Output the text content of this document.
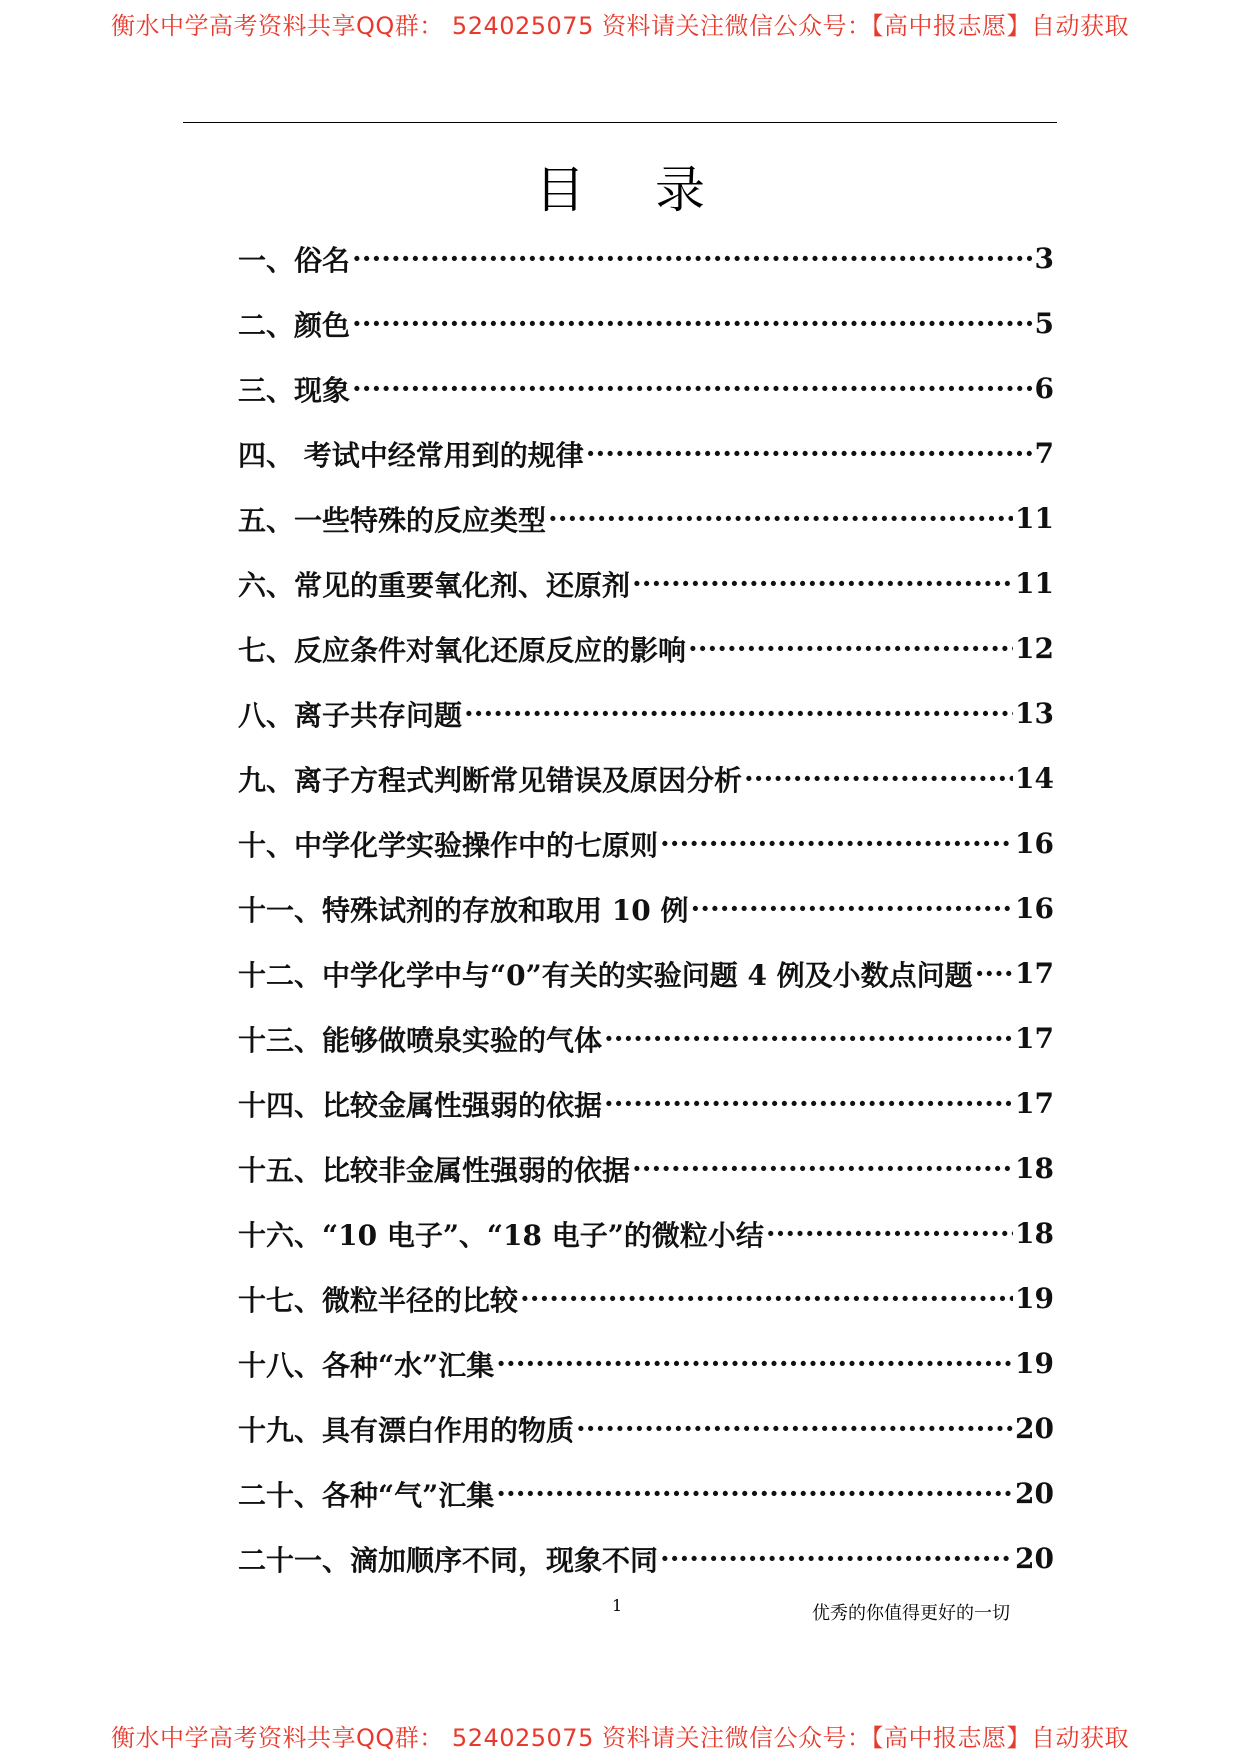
衡水中学高考资料共享QQ群： 524025075 资料请关注微信公众号：【高中报志愿】自动获取
目录
一、俗名 ·····	3
二、颜色 ·····	5
三、现象 ·····	6
四、 考试中经常用到的规律 ·····	7
五、一些特殊的反应类型 ·····	11
六、常见的重要氧化剂、还原剂 ·····	11
七、反应条件对氧化还原反应的影响 ·····	12
八、离子共存问题 ·····	13
九、离子方程式判断常见错误及原因分析 ·····	14
十、中学化学实验操作中的七原则 ·····	16
十一、特殊试剂的存放和取用 10 例 ·····	16
十二、中学化学中与“0”有关的实验问题 4 例及小数点问题 ····· 17
十三、能够做喷泉实验的气体 ·····	17
十四、比较金属性强弱的依据 ·····	17
十五、比较非金属性强弱的依据 ·····	18
十六、“10 电子”、“18 电子”的微粒小结 ·····	18
十七、微粒半径的比较 ·····	19
十八、各种“水”汇集 ·····	19
十九、具有漂白作用的物质 ·····	20
二十、各种“气”汇集 ·····	20
二十一、滴加顺序不同，现象不同 ·····	20
1	优秀的你值得更好的一切
衡水中学高考资料共享QQ群： 524025075 资料请关注微信公众号：【高中报志愿】自动获取
